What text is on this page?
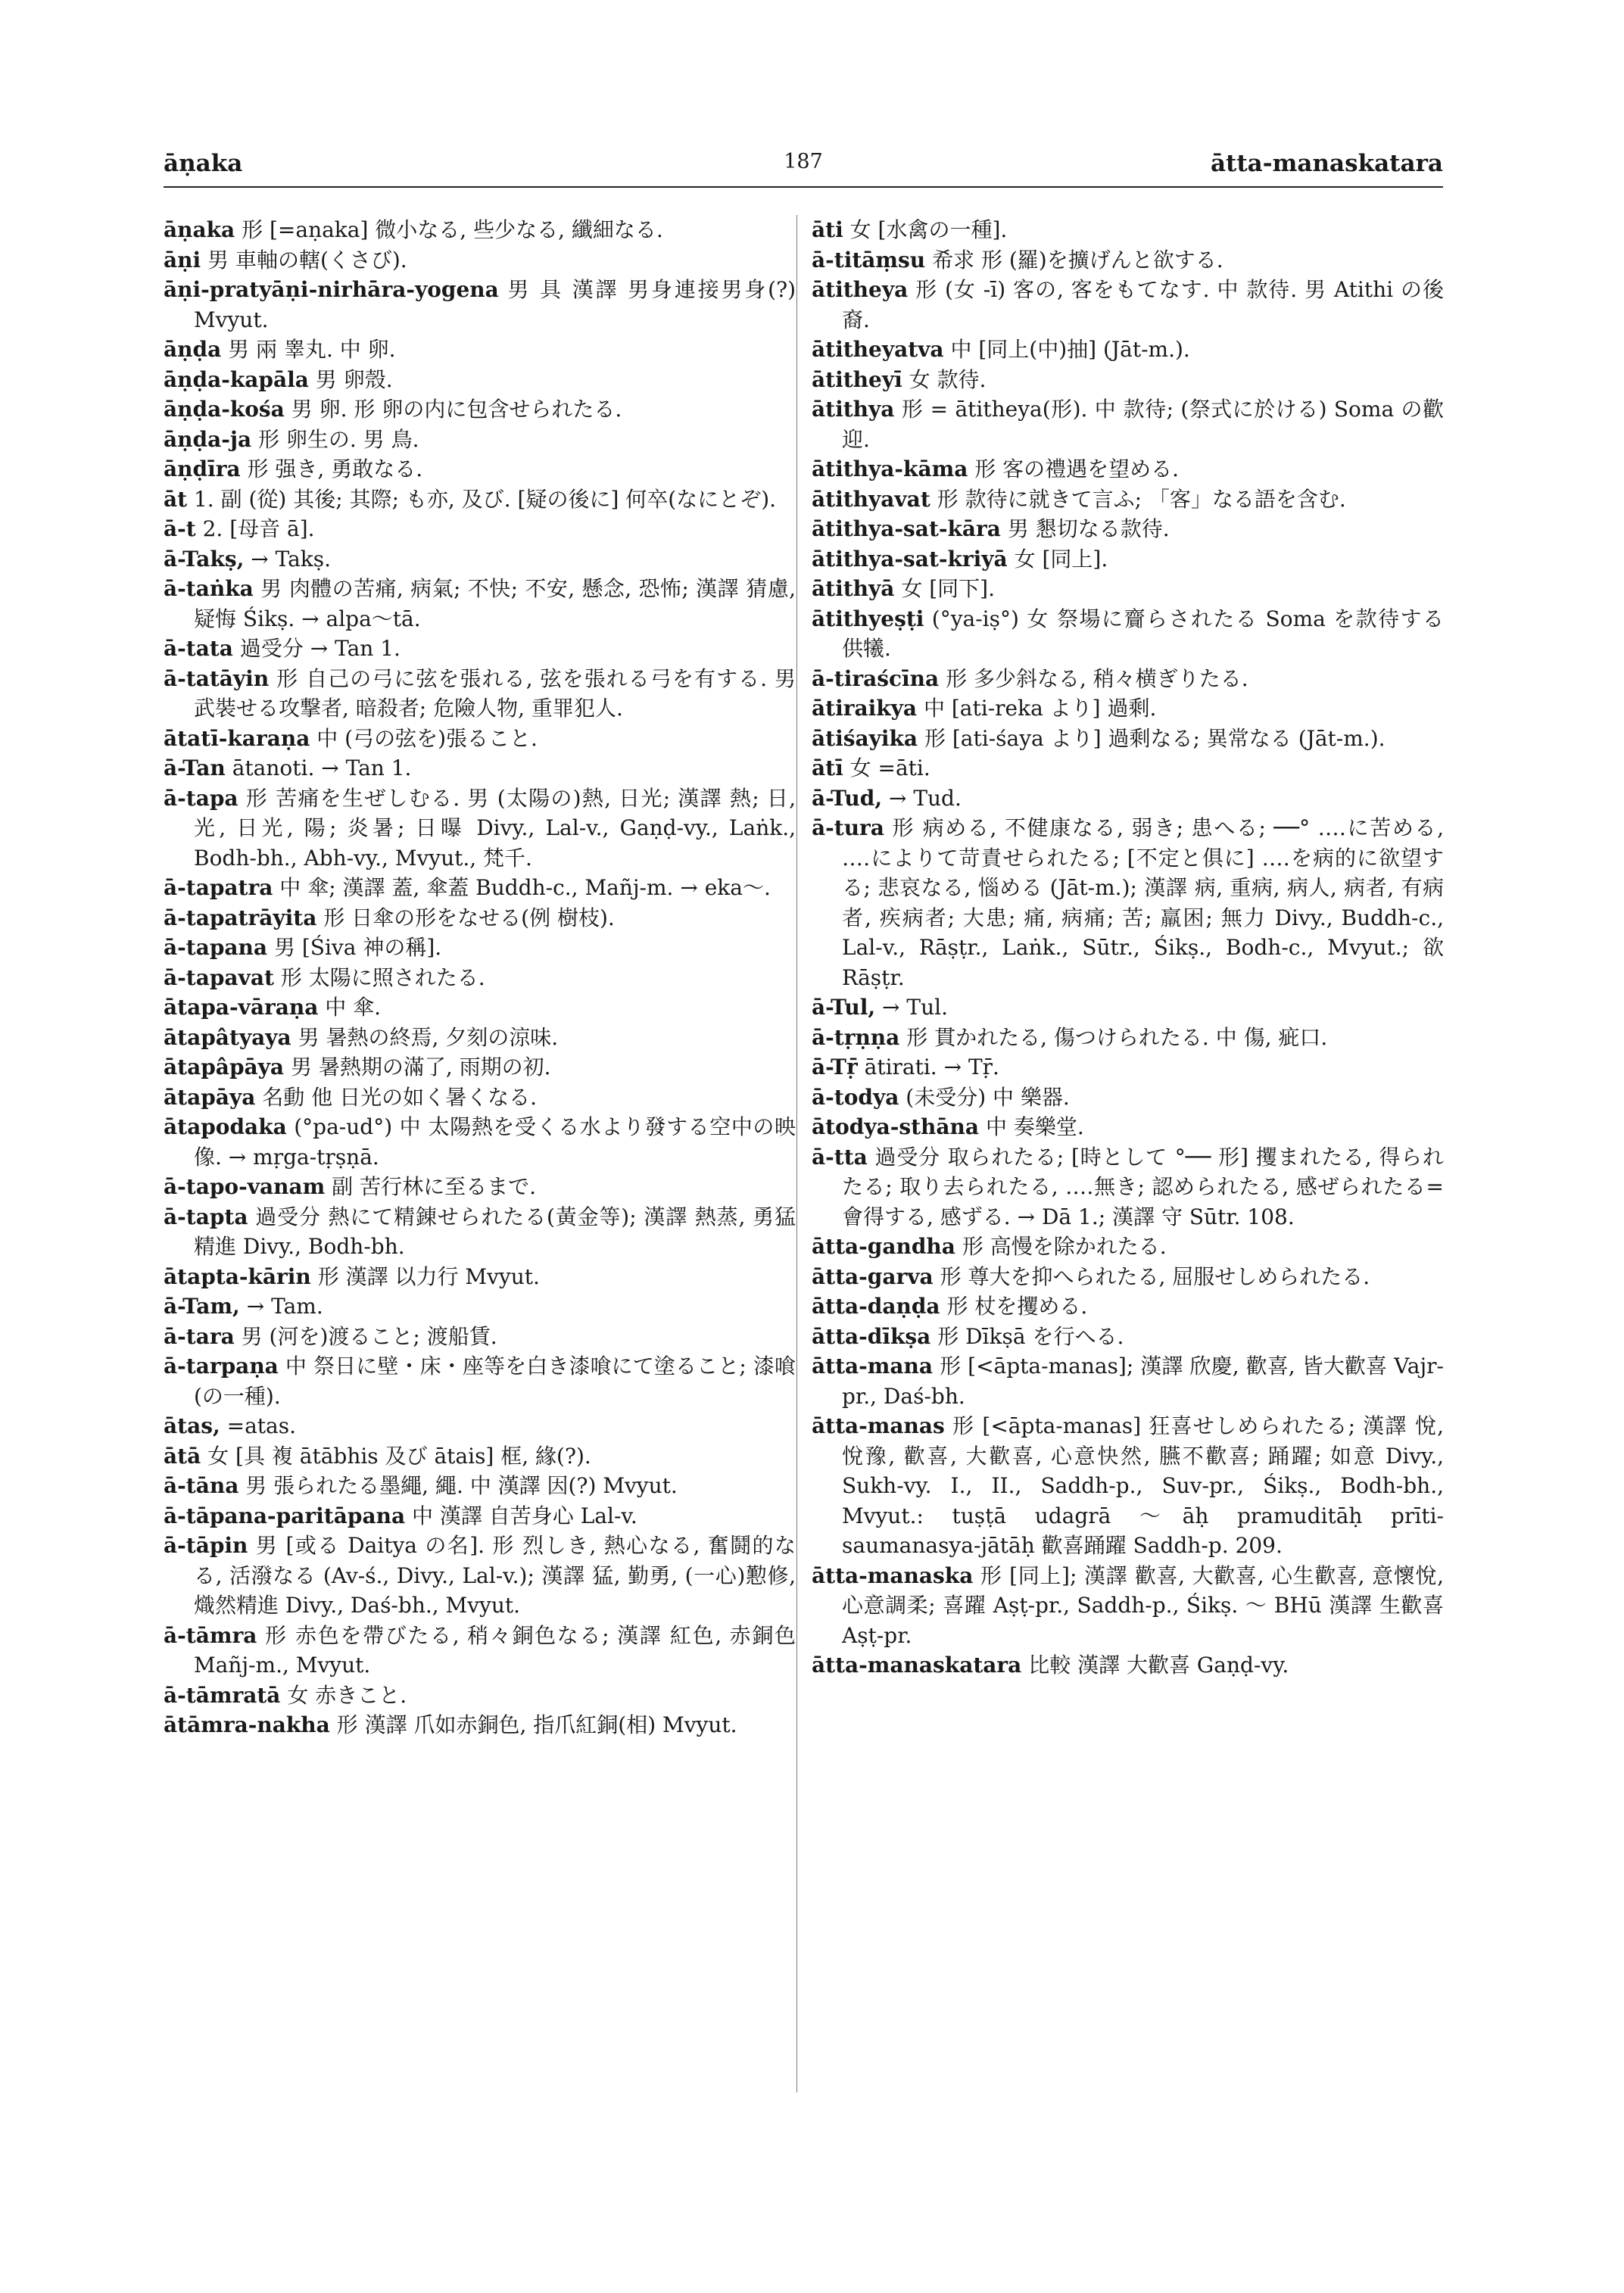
āṇaka	187	ātta-manaskatara

āṇaka 形 [=aṇaka] 微小なる, 些少なる, 纖細なる.

āṇi 男 車軸の轄(くさび).

āṇi-pratyāṇi-nirhāra-yogena 男 具 漢譯 男身連接男身(?) Mvyut.

āṇḍa 男 兩 睾丸. 中 卵.

āṇḍa-kapāla 男 卵殼.

āṇḍa-kośa 男 卵. 形 卵の内に包含せられたる.

āṇḍa-ja 形 卵生の. 男 鳥.

āṇḍīra 形 强き, 勇敢なる.

āt 1. 副 (從) 其後; 其際; も亦, 及び. [疑の後に] 何卒(なにとぞ).

ā-t 2. [母音 ā].

ā-Takṣ, → Takṣ.

ā-taṅka 男 肉體の苦痛, 病氣; 不快; 不安, 懸念, 恐怖; 漢譯 猜慮, 疑悔 Śikṣ. → alpa〜tā.

ā-tata 過受分 → Tan 1.

ā-tatāyin 形 自己の弓に弦を張れる, 弦を張れる弓を有する. 男 武裝せる攻撃者, 暗殺者; 危險人物, 重罪犯人.

ātatī-karaṇa 中 (弓の弦を)張ること.

ā-Tan ātanoti. → Tan 1.

ā-tapa 形 苦痛を生ぜしむる. 男 (太陽の)熱, 日光; 漢譯 熱; 日, 光, 日光, 陽; 炎暑; 日曝 Divy., Lal-v., Gaṇḍ-vy., Laṅk., Bodh-bh., Abh-vy., Mvyut., 梵千.

ā-tapatra 中 傘; 漢譯 蓋, 傘蓋 Buddh-c., Mañj-m. → eka〜.

ā-tapatrāyita 形 日傘の形をなせる(例 樹枝).

ā-tapana 男 [Śiva 神の稱].

ā-tapavat 形 太陽に照されたる.

ātapa-vāraṇa 中 傘.

ātapâtyaya 男 暑熱の終焉, 夕刻の涼味.

ātapâpāya 男 暑熱期の滿了, 雨期の初.

ātapāya 名動 他 日光の如く暑くなる.

ātapodaka (°pa-ud°) 中 太陽熱を受くる水より發する空中の映像. → mṛga-tṛṣṇā.

ā-tapo-vanam 副 苦行林に至るまで.

ā-tapta 過受分 熱にて精錬せられたる(黃金等); 漢譯 熱蒸, 勇猛精進 Divy., Bodh-bh.

ātapta-kārin 形 漢譯 以力行 Mvyut.

ā-Tam, → Tam.

ā-tara 男 (河を)渡ること; 渡船賃.

ā-tarpaṇa 中 祭日に壁・床・座等を白き漆喰にて塗ること; 漆喰(の一種).

ātas, =atas.

ātā 女 [具 複 ātābhis 及び ātais] 框, 緣(?).

ā-tāna 男 張られたる墨繩, 繩. 中 漢譯 因(?) Mvyut.

ā-tāpana-paritāpana 中 漢譯 自苦身心 Lal-v.

ā-tāpin 男 [或る Daitya の名]. 形 烈しき, 熱心なる, 奮鬪的なる, 活潑なる (Av-ś., Divy., Lal-v.); 漢譯 猛, 勤勇, (一心)懃修, 熾然精進 Divy., Daś-bh., Mvyut.

ā-tāmra 形 赤色を帶びたる, 稍々銅色なる; 漢譯 紅色, 赤銅色 Mañj-m., Mvyut.

ā-tāmratā 女 赤きこと.

ātāmra-nakha 形 漢譯 爪如赤銅色, 指爪紅銅(相) Mvyut.

āti 女 [水禽の一種].

ā-titāṃsu 希求 形 (羅)を擴げんと欲する.

ātitheya 形 (女 -ī) 客の, 客をもてなす. 中 款待. 男 Atithi の後裔.

ātitheyatva 中 [同上(中)抽] (Jāt-m.).

ātitheyī 女 款待.

ātithya 形 = ātitheya(形). 中 款待; (祭式に於ける) Soma の歡迎.

ātithya-kāma 形 客の禮遇を望める.

ātithyavat 形 款待に就きて言ふ; 「客」なる語を含む.

ātithya-sat-kāra 男 懇切なる款待.

ātithya-sat-kriyā 女 [同上].

ātithyā 女 [同下].

ātithyeṣṭi (°ya-iṣ°) 女 祭場に齎らされたる Soma を款待する供犧.

ā-tiraścīna 形 多少斜なる, 稍々横ぎりたる.

ātiraikya 中 [ati-reka より] 過剩.

ātiśayika 形 [ati-śaya より] 過剩なる; 異常なる (Jāt-m.).

ātī 女 =āti.

ā-Tud, → Tud.

ā-tura 形 病める, 不健康なる, 弱き; 患へる; ──° ‥‥に苦める, ‥‥によりて苛責せられたる; [不定と俱に] ‥‥を病的に欲望する; 悲哀なる, 惱める (Jāt-m.); 漢譯 病, 重病, 病人, 病者, 有病者, 疾病者; 大患; 痛, 病痛; 苦; 羸困; 無力 Divy., Buddh-c., Lal-v., Rāṣṭr., Laṅk., Sūtr., Śikṣ., Bodh-c., Mvyut.; 欲 Rāṣṭr.

ā-Tul, → Tul.

ā-tṛṇṇa 形 貫かれたる, 傷つけられたる. 中 傷, 疵口.

ā-Tṝ ātirati. → Tṝ.

ā-todya (未受分) 中 樂器.

ātodya-sthāna 中 奏樂堂.

ā-tta 過受分 取られたる; [時として °── 形] 攫まれたる, 得られたる; 取り去られたる, ‥‥無き; 認められたる, 感ぜられたる=會得する, 感ずる. → Dā 1.; 漢譯 守 Sūtr. 108.

ātta-gandha 形 高慢を除かれたる.

ātta-garva 形 尊大を抑へられたる, 屈服せしめられたる.

ātta-daṇḍa 形 杖を攫める.

ātta-dīkṣa 形 Dīkṣā を行へる.

ātta-mana 形 [<āpta-manas]; 漢譯 欣慶, 歡喜, 皆大歡喜 Vajr-pr., Daś-bh.

ātta-manas 形 [<āpta-manas] 狂喜せしめられたる; 漢譯 悅, 悅豫, 歡喜, 大歡喜, 心意快然, 臙不歡喜; 踊躍; 如意 Divy., Sukh-vy. I., II., Saddh-p., Suv-pr., Śikṣ., Bodh-bh., Mvyut.: tuṣṭā udagrā 〜āḥ pramuditāḥ prīti-saumanasya-jātāḥ 歡喜踊躍 Saddh-p. 209.

ātta-manaska 形 [同上]; 漢譯 歡喜, 大歡喜, 心生歡喜, 意懷悅, 心意調柔; 喜躍 Aṣṭ-pr., Saddh-p., Śikṣ. 〜 BHū 漢譯 生歡喜 Aṣṭ-pr.

ātta-manaskatara 比較 漢譯 大歡喜 Gaṇḍ-vy.
